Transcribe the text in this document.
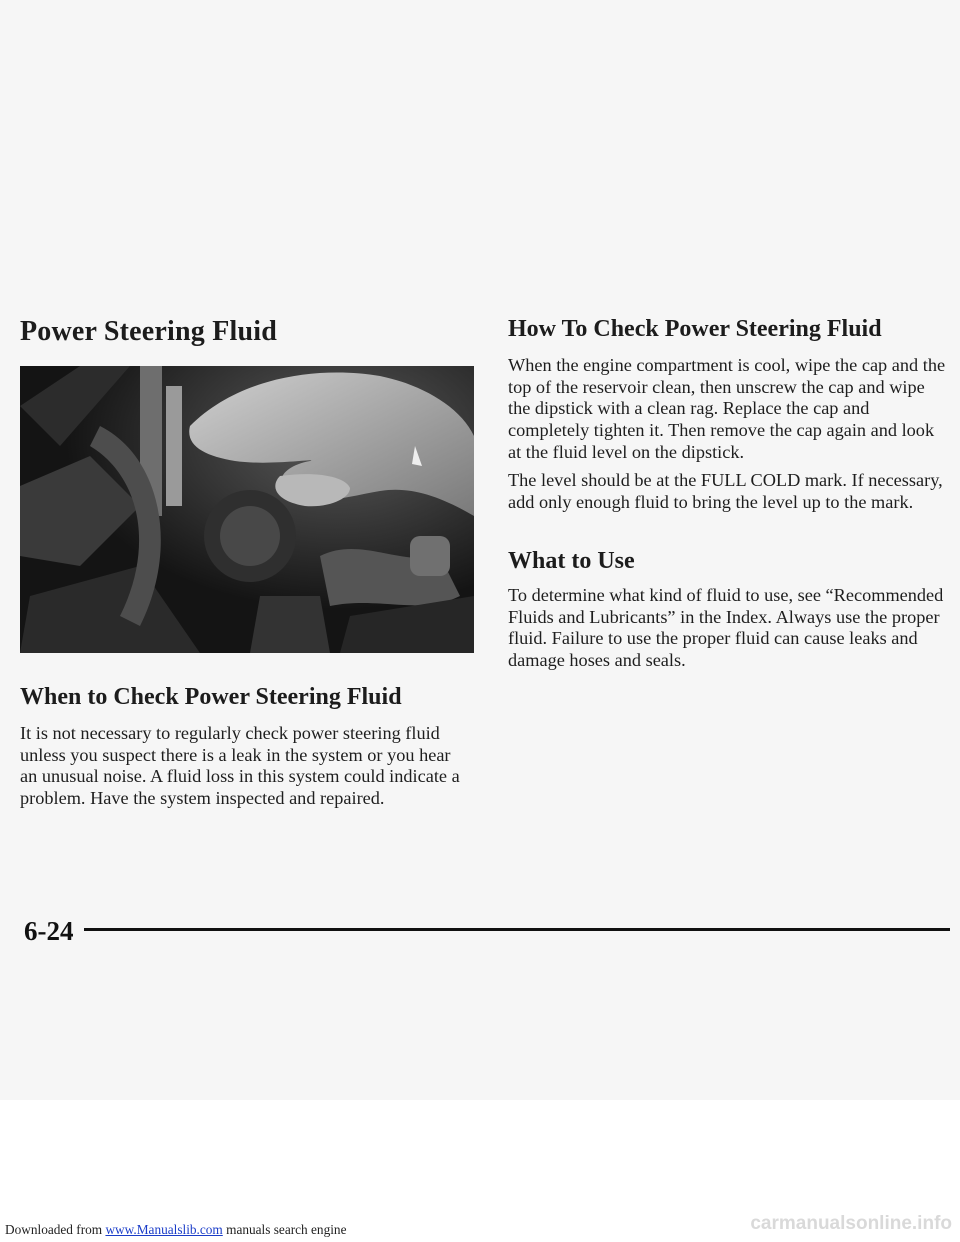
Power Steering Fluid
When to Check Power Steering Fluid

It is not necessary to regularly check power steering fluid unless you suspect there is a leak in the system or you hear an unusual noise. A fluid loss in this system could indicate a problem. Have the system inspected and repaired.

How To Check Power Steering Fluid

When the engine compartment is cool, wipe the cap and the top of the reservoir clean, then unscrew the cap and wipe the dipstick with a clean rag. Replace the cap and completely tighten it. Then remove the cap again and look at the fluid level on the dipstick.

The level should be at the FULL COLD mark. If necessary, add only enough fluid to bring the level up to the mark.

What to Use

To determine what kind of fluid to use, see “Recommended Fluids and Lubricants” in the Index. Always use the proper fluid. Failure to use the proper fluid can cause leaks and damage hoses and seals.

6-24

Downloaded from www.Manualslib.com manuals search engine	carmanualsonline.info
